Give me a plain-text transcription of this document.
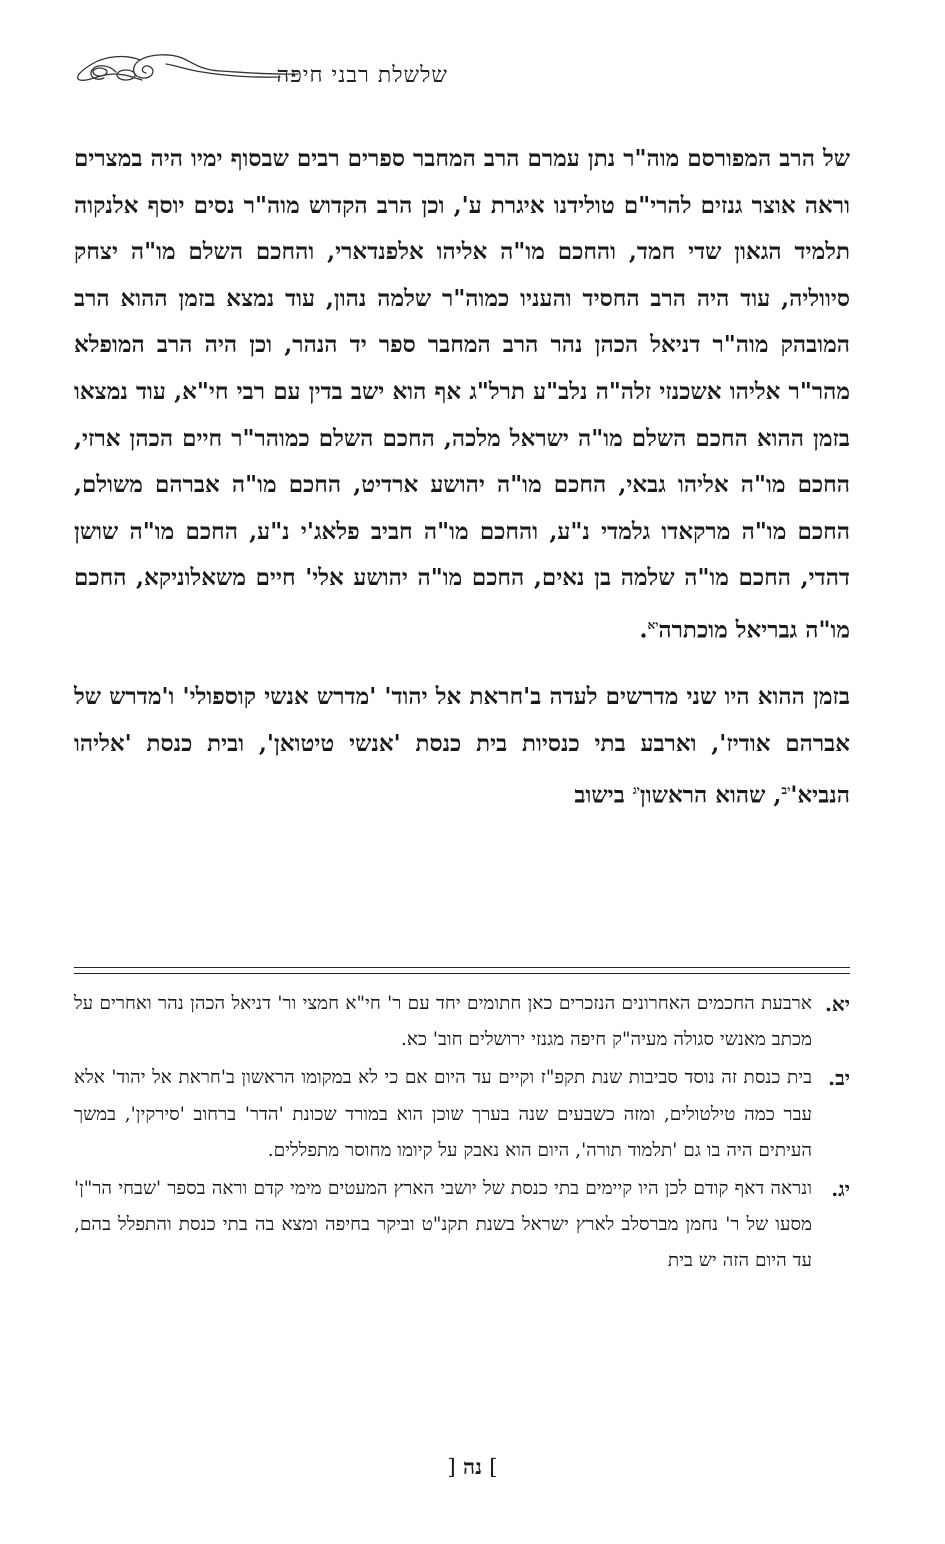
שלשלת רבני חיפה

של הרב המפורסם מוה"ר נתן עמרם הרב המחבר ספרים רבים שבסוף ימיו היה במצרים וראה אוצר גנזים להרי"ם טולידנו איגרת ע', וכן הרב הקדוש מוה"ר נסים יוסף אלנקוה תלמיד הגאון שדי חמד, והחכם מו"ה אליהו אלפנדארי, והחכם השלם מו"ה יצחק סיווליה, עוד היה הרב החסיד והעניו כמוה"ר שלמה נהון, עוד נמצא בזמן ההוא הרב המובהק מוה"ר דניאל הכהן נהר הרב המחבר ספר יד הנהר, וכן היה הרב המופלא מהר"ר אליהו אשכנזי זלה"ה נלב"ע תרל"ג אף הוא ישב בדין עם רבי חי"א, עוד נמצאו בזמן ההוא החכם השלם מו"ה ישראל מלכה, החכם השלם כמוהר"ר חיים הכהן ארזי, החכם מו"ה אליהו גבאי, החכם מו"ה יהושע ארדיט, החכם מו"ה אברהם משולם, החכם מו"ה מרקאדו גלמדי נ"ע, והחכם מו"ה חביב פלאג'י נ"ע, החכם מו"ה שושן דהדי, החכם מו"ה שלמה בן נאים, החכם מו"ה יהושע אלי' חיים משאלוניקא, החכם מו"ה גבריאל מוכתרה$^{יא}$.

בזמן ההוא היו שני מדרשים לעדה ב'חראת אל יהוד' 'מדרש אנשי קוספולי' ו'מדרש של אברהם אודיז', וארבע בתי כנסיות בית כנסת 'אנשי טיטואן', ובית כנסת 'אליהו $הנביא'^{יב}$, שהוא הראשון$^{יג}$ בישוב

יא.
ארבעת החכמים האחרונים הנזכרים כאן חתומים יחד עם ר' חי"א חמצי ור' דניאל הכהן נהר ואחרים על מכתב מאנשי סגולה מעיה"ק חיפה מגנזי ירושלים חוב' כא.
יב.
בית כנסת זה נוסד סביבות שנת תקפ"ז וקיים עד היום אם כי לא במקומו הראשון ב'חראת אל יהוד' אלא עבר כמה טילטולים, ומזה כשבעים שנה בערך שוכן הוא במורד שכונת 'הדר' ברחוב 'סירקין', במשך העיתים היה בו גם 'תלמוד תורה', היום הוא נאבק על קיומו מחוסר מתפללים.
יג.
ונראה דאף קודם לכן היו קיימים בתי כנסת של יושבי הארץ המעטים מימי קדם וראה בספר 'שבחי הר"ן' מסעו של ר' נחמן מברסלב לארץ ישראל בשנת תקנ"ט וביקר בחיפה ומצא בה בתי כנסת והתפלל בהם, עד היום הזה יש בית
] נה [
